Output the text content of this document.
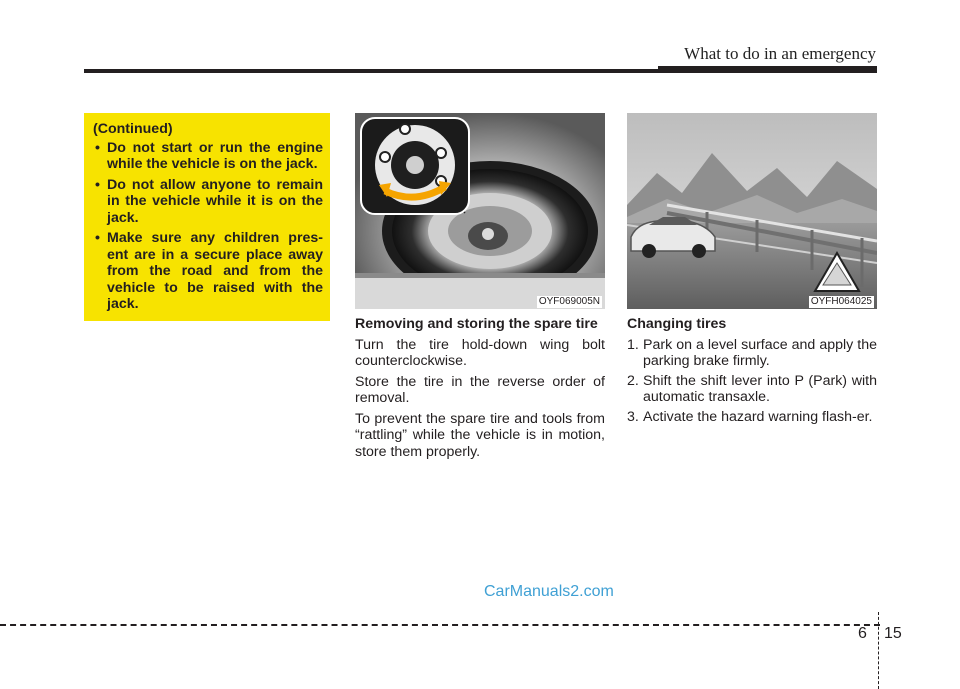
What to do in an emergency
(Continued)
• Do not start or run the engine while the vehicle is on the jack.
• Do not allow anyone to remain in the vehicle while it is on the jack.
• Make sure any children pres-ent are in a secure place away from the road and from the vehicle to be raised with the jack.	OYF069005N	OYFH064025
Removing and storing the spare tire

Turn the tire hold-down wing bolt counterclockwise.

Store the tire in the reverse order of removal.

To prevent the spare tire and tools from “rattling” while the vehicle is in motion, store them properly.

Changing tires
1. Park on a level surface and apply the parking brake firmly.
2. Shift the shift lever into P (Park) with automatic transaxle.
3. Activate the hazard warning flash-er.
CarManuals2.com
6 15
